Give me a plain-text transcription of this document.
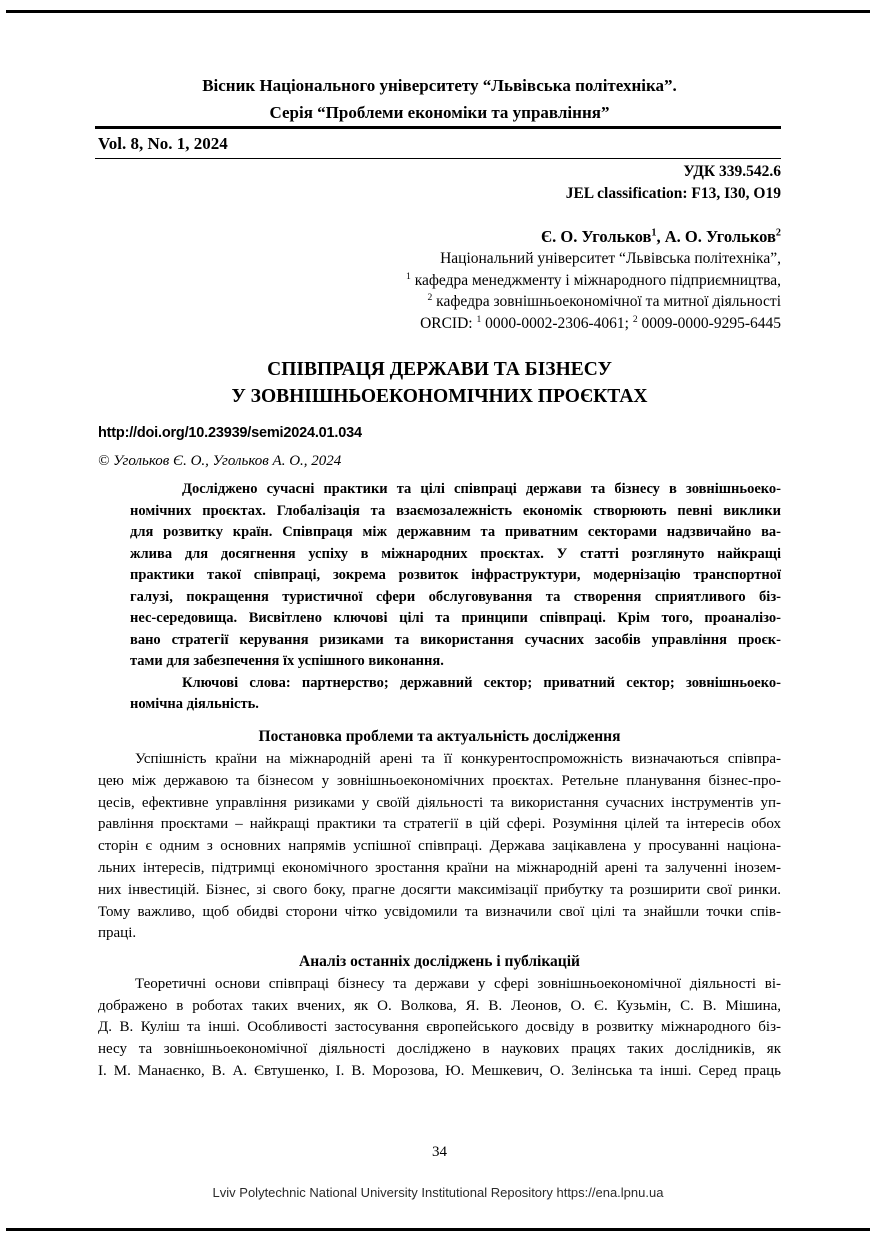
Вісник Національного університету “Львівська політехніка”.
Серія “Проблеми економіки та управління”
Vol. 8, No. 1, 2024
УДК 339.542.6
JEL classification: F13, I30, O19
Є. О. Угольков$^1$, А. О. Угольков$^2$
Національний університет “Львівська політехніка”,
$^1$ кафедра менеджменту і міжнародного підприємництва,
$^2$ кафедра зовнішньоекономічної та митної діяльності
ORCID: $^1$ 0000-0002-2306-4061; $^2$ 0009-0000-9295-6445
СПІВПРАЦЯ ДЕРЖАВИ ТА БІЗНЕСУ
У ЗОВНІШНЬОЕКОНОМІЧНИХ ПРОЄКТАХ
http://doi.org/10.23939/semi2024.01.034
© Угольков Є. О., Угольков А. О., 2024
Досліджено сучасні практики та цілі співпраці держави та бізнесу в зовнішньоеко-
номічних проєктах. Глобалізація та взаємозалежність економік створюють певні виклики
для розвитку країн. Співпраця між державним та приватним секторами надзвичайно ва-
жлива для досягнення успіху в міжнародних проєктах. У статті розглянуто найкращі
практики такої співпраці, зокрема розвиток інфраструктури, модернізацію транспортної
галузі, покращення туристичної сфери обслуговування та створення сприятливого біз-
нес-середовища. Висвітлено ключові цілі та принципи співпраці. Крім того, проаналізо-
вано стратегії керування ризиками та використання сучасних засобів управління проєк-
тами для забезпечення їх успішного виконання.
Ключові слова: партнерство; державний сектор; приватний сектор; зовнішньоеко-
номічна діяльність.
Постановка проблеми та актуальність дослідження
Успішність країни на міжнародній арені та її конкурентоспроможність визначаються співпра-
цею між державою та бізнесом у зовнішньоекономічних проєктах. Ретельне планування бізнес-про-
цесів, ефективне управління ризиками у своїй діяльності та використання сучасних інструментів уп-
равління проєктами – найкращі практики та стратегії в цій сфері. Розуміння цілей та інтересів обох
сторін є одним з основних напрямів успішної співпраці. Держава зацікавлена у просуванні націона-
льних інтересів, підтримці економічного зростання країни на міжнародній арені та залученні інозем-
них інвестицій. Бізнес, зі свого боку, прагне досягти максимізації прибутку та розширити свої ринки.
Тому важливо, щоб обидві сторони чітко усвідомили та визначили свої цілі та знайшли точки спів-
праці.
Аналіз останніх досліджень і публікацій
Теоретичні основи співпраці бізнесу та держави у сфері зовнішньоекономічної діяльності ві-
дображено в роботах таких вчених, як О. Волкова, Я. В. Леонов, О. Є. Кузьмін, С. В. Мішина,
Д. В. Куліш та інші. Особливості застосування європейського досвіду в розвитку міжнародного біз-
несу та зовнішньоекономічної діяльності досліджено в наукових працях таких дослідників, як
І. М. Манаєнко, В. А. Євтушенко, І. В. Морозова, Ю. Мешкевич, О. Зелінська та інші. Серед праць
34
Lviv Polytechnic National University Institutional Repository https://ena.lpnu.ua
